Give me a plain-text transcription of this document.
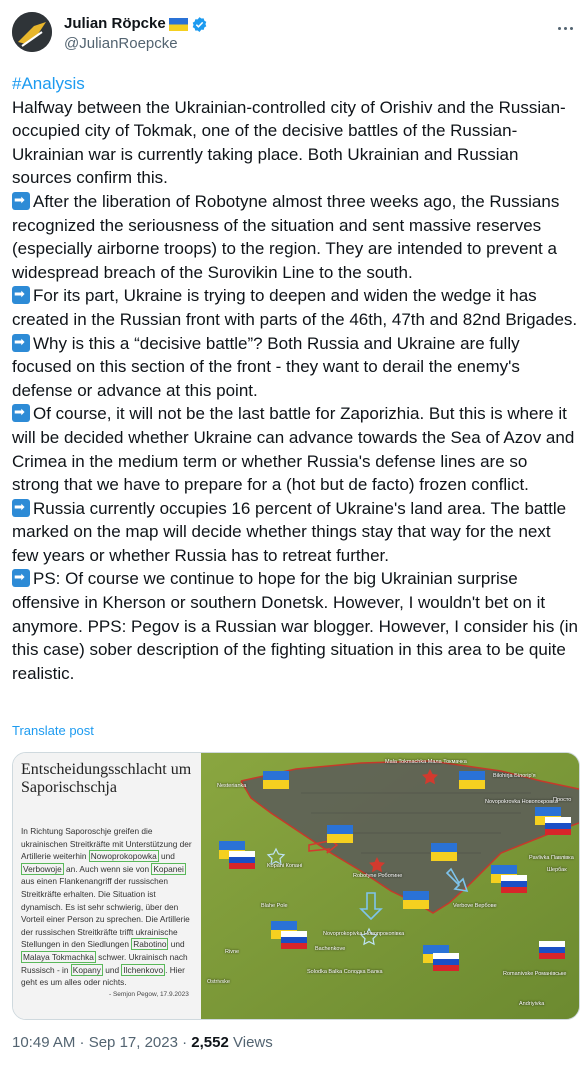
Julian Röpcke
@JulianRoepcke

#Analysis

Halfway between the Ukrainian-controlled city of Orishiv and the Russian-occupied city of Tokmak, one of the decisive battles of the Russian-Ukrainian war is currently taking place. Both Ukrainian and Russian sources confirm this.

➡After the liberation of Robotyne almost three weeks ago, the Russians recognized the seriousness of the situation and sent massive reserves (especially airborne troops) to the region. They are intended to prevent a widespread breach of the Surovikin Line to the south.

➡For its part, Ukraine is trying to deepen and widen the wedge it has created in the Russian front with parts of the 46th, 47th and 82nd Brigades.

➡Why is this a “decisive battle”? Both Russia and Ukraine are fully focused on this section of the front - they want to derail the enemy's defense or advance at this point.

➡Of course, it will not be the last battle for Zaporizhia. But this is where it will be decided whether Ukraine can advance towards the Sea of Azov and Crimea in the medium term or whether Russia's defense lines are so strong that we have to prepare for a (hot but de facto) frozen conflict.

➡Russia currently occupies 16 percent of Ukraine's land area. The battle marked on the map will decide whether things stay that way for the next few years or whether Russia has to retreat further.

➡PS: Of course we continue to hope for the big Ukrainian surprise offensive in Kherson or southern Donetsk. However, I wouldn't bet on it anymore. PPS: Pegov is a Russian war blogger. However, I consider his (in this case) sober description of the fighting situation in this area to be quite realistic.

Translate post
Entscheidungsschlacht um Saporischschja
In Richtung Saporoschje greifen die ukrainischen Streitkräfte mit Unterstützung der Artillerie weiterhin Nowoprokopowka und Verbowoje an. Auch wenn sie von Kopanei aus einen Flankenangriff der russischen Streitkräfte erhalten. Die Situation ist dynamisch. Es ist sehr schwierig, über den Vorteil einer Person zu sprechen. Die Artillerie der russischen Streitkräfte trifft ukrainische Stellungen in den Siedlungen Rabotino und Malaya Tokmachka schwer. Ukrainisch nach Russisch - in Kopany und Ilchenkovo . Hier geht es um alles oder nichts.
- Semjon Pegow, 17.9.2023
Mala Tokmachka Мала Токмачка
Bilohirja Білогір'я
Nesterianka
Novopokrovka Новопокровка
Просто
Kopani Копані
Robotyne Роботине
Pavlivka Павлівка
Шербак
Verbove Вербове
Blahe Pole
Novoprokopivka Новопрокопівка
Bachenkove
Rivne
Solodka Balka Солодка Балка	Romanivske Романівське
Ostrivske
Andriyivka
10:49 AM · Sep 17, 2023 · 2,552 Views
